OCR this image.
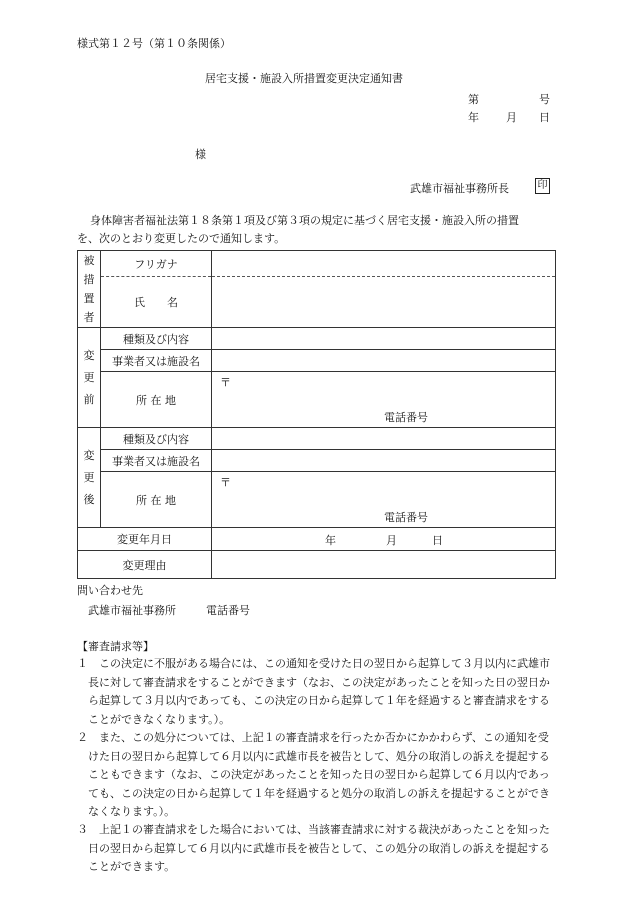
様式第１２号（第１０条関係）
居宅支援・施設入所措置変更決定通知書
第	号
年 月 日
様
武雄市福祉事務所長	印
身体障害者福祉法第１８条第１項及び第３項の規定に基づく居宅支援・施設入所の措置
を、次のとおり変更したので通知します。
被
措
置
者	フリガナ	
	氏　　名	

変
更
前	種類及び内容	
	事業者又は施設名	
	所 在 地	〒
電話番号

変
更
後	種類及び内容	
	事業者又は施設名	
	所 在 地	〒
電話番号

変更年月日		年 月 日

変更理由		
問い合わせ先
武雄市福祉事務所	電話番号
【審査請求等】
１	この決定に不服がある場合には、この通知を受けた日の翌日から起算して３月以内に武雄市長に対して審査請求をすることができます（なお、この決定があったことを知った日の翌日から起算して３月以内であっても、この決定の日から起算して１年を経過すると審査請求をすることができなくなります。）。
２	また、この処分については、上記１の審査請求を行ったか否かにかかわらず、この通知を受けた日の翌日から起算して６月以内に武雄市長を被告として、処分の取消しの訴えを提起することもできます（なお、この決定があったことを知った日の翌日から起算して６月以内であっても、この決定の日から起算して１年を経過すると処分の取消しの訴えを提起することができなくなります。）。
３	上記１の審査請求をした場合においては、当該審査請求に対する裁決があったことを知った日の翌日から起算して６月以内に武雄市長を被告として、この処分の取消しの訴えを提起することができます。
